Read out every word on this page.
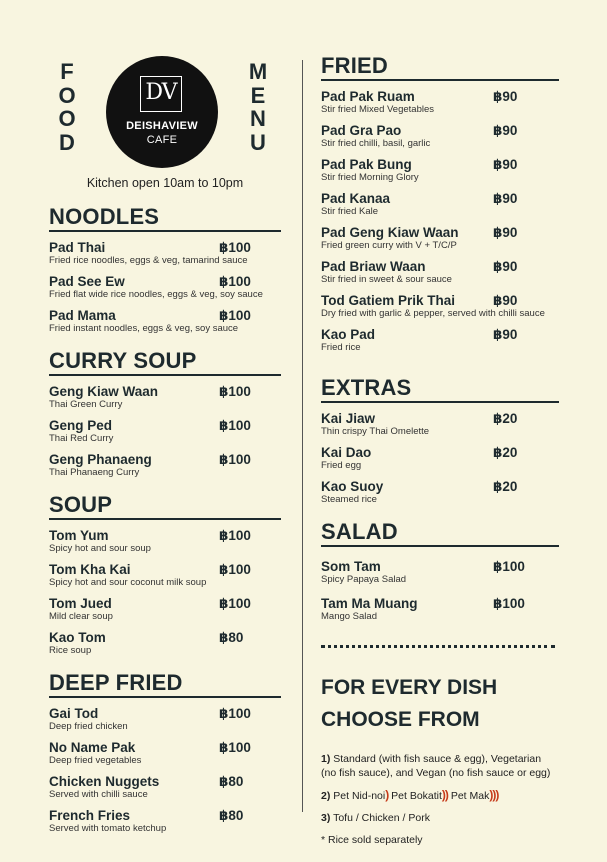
F
O
O
D
DV
DEISHAVIEW
CAFE
M
E
N
U
Kitchen open 10am to 10pm
NOODLES
Pad Thai	฿100
Fried rice noodles, eggs & veg, tamarind sauce
Pad See Ew	฿100
Fried flat wide rice noodles, eggs & veg, soy sauce
Pad Mama	฿100
Fried instant noodles, eggs & veg, soy sauce
CURRY SOUP
Geng Kiaw Waan	฿100
Thai Green Curry
Geng Ped	฿100
Thai Red Curry
Geng Phanaeng	฿100
Thai Phanaeng Curry
SOUP
Tom Yum	฿100
Spicy hot and sour soup
Tom Kha Kai	฿100
Spicy hot and sour coconut milk soup
Tom Jued	฿100
Mild clear soup
Kao Tom	฿80
Rice soup
DEEP FRIED
Gai Tod	฿100
Deep fried chicken
No Name Pak	฿100
Deep fried vegetables
Chicken Nuggets	฿80
Served with chilli sauce
French Fries	฿80
Served with tomato ketchup
FRIED
Pad Pak Ruam	฿90
Stir fried Mixed Vegetables
Pad Gra Pao	฿90
Stir fried chilli, basil, garlic
Pad Pak Bung	฿90
Stir fried Morning Glory
Pad Kanaa	฿90
Stir fried Kale
Pad Geng Kiaw Waan	฿90
Fried green curry with V + T/C/P
Pad Briaw Waan	฿90
Stir fried in sweet & sour sauce
Tod Gatiem Prik Thai	฿90
Dry fried with garlic & pepper, served with chilli sauce
Kao Pad	฿90
Fried rice
EXTRAS
Kai Jiaw	฿20
Thin crispy Thai Omelette
Kai Dao	฿20
Fried egg
Kao Suoy	฿20
Steamed rice
SALAD
Som Tam	฿100
Spicy Papaya Salad
Tam Ma Muang	฿100
Mango Salad
FOR EVERY DISH
CHOOSE FROM

1) Standard (with fish sauce & egg), Vegetarian (no fish sauce), and Vegan (no fish sauce or egg)

2) Pet Nid-noi) Pet Bokatit)) Pet Mak)))

3) Tofu / Chicken / Pork

* Rice sold separately
